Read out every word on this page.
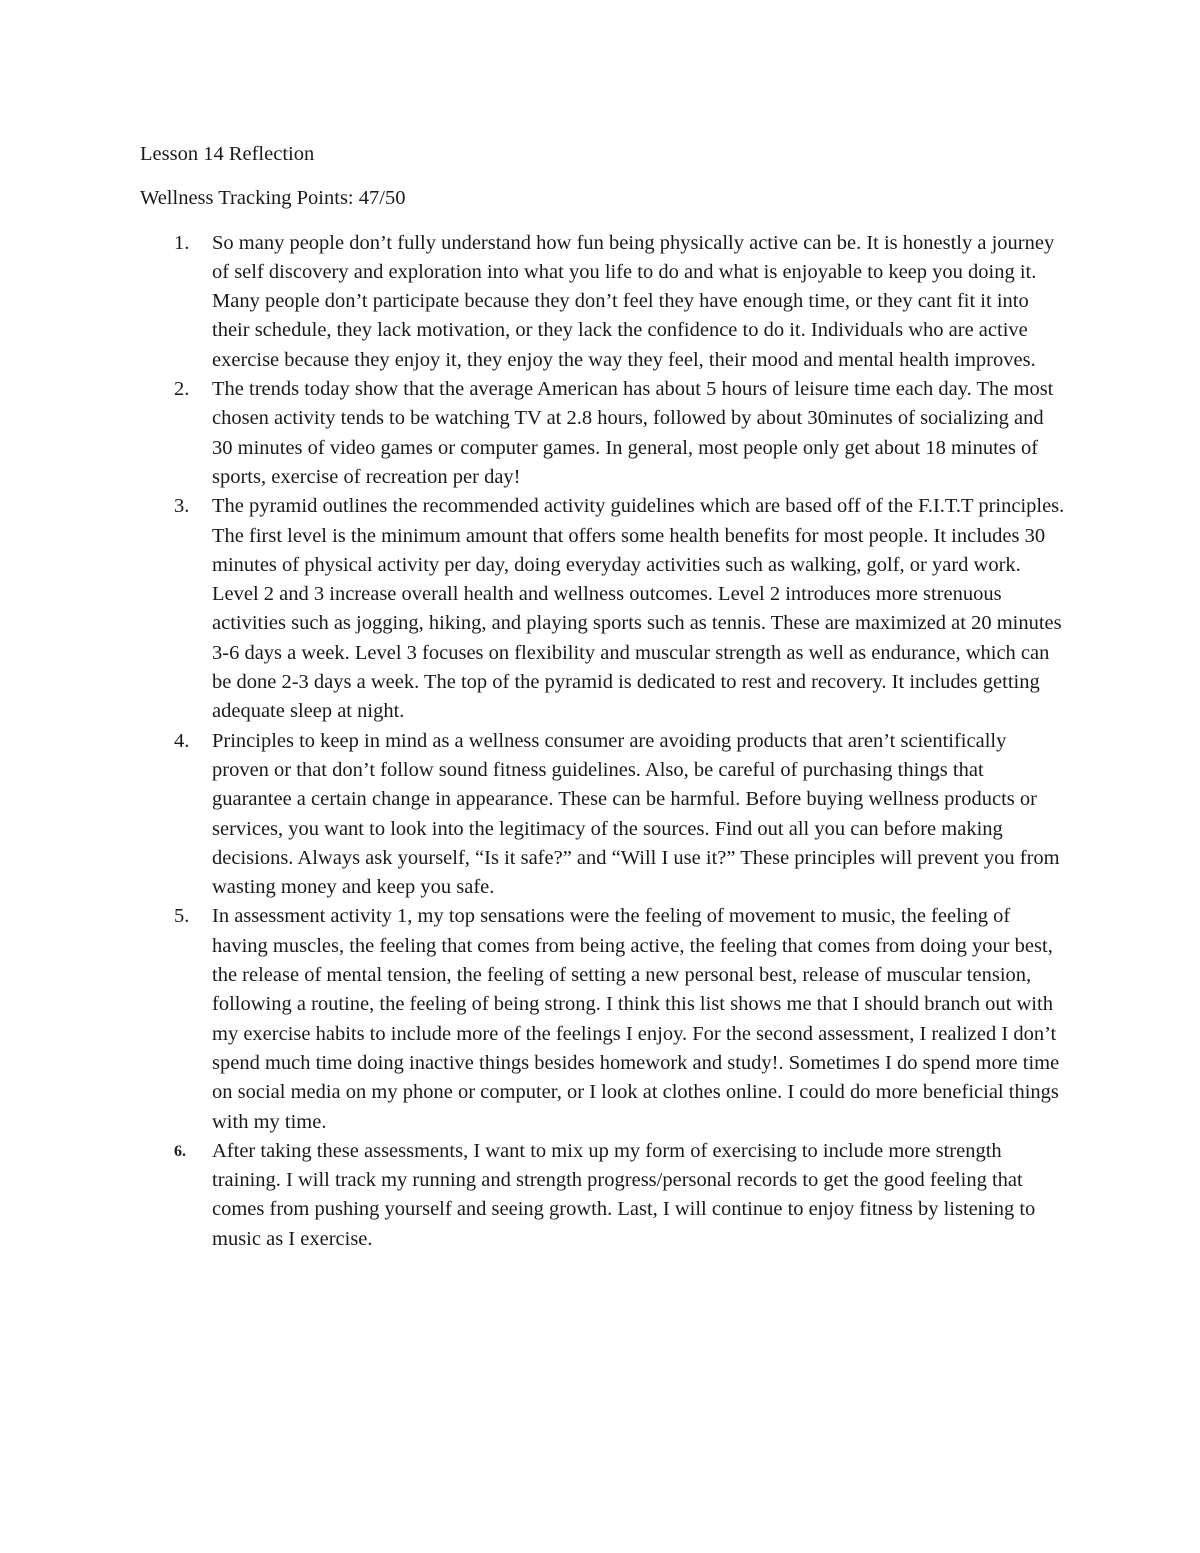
Lesson 14 Reflection

Wellness Tracking Points: 47/50

1. So many people don’t fully understand how fun being physically active can be. It is honestly a journey of self discovery and exploration into what you life to do and what is enjoyable to keep you doing it. Many people don’t participate because they don’t feel they have enough time, or they cant fit it into their schedule, they lack motivation, or they lack the confidence to do it. Individuals who are active exercise because they enjoy it, they enjoy the way they feel, their mood and mental health improves.
2. The trends today show that the average American has about 5 hours of leisure time each day. The most chosen activity tends to be watching TV at 2.8 hours, followed by about 30minutes of socializing and 30 minutes of video games or computer games. In general, most people only get about 18 minutes of sports, exercise of recreation per day!
3. The pyramid outlines the recommended activity guidelines which are based off of the F.I.T.T principles. The first level is the minimum amount that offers some health benefits for most people. It includes 30 minutes of physical activity per day, doing everyday activities such as walking, golf, or yard work. Level 2 and 3 increase overall health and wellness outcomes. Level 2 introduces more strenuous activities such as jogging, hiking, and playing sports such as tennis. These are maximized at 20 minutes 3-6 days a week. Level 3 focuses on flexibility and muscular strength as well as endurance, which can be done 2-3 days a week. The top of the pyramid is dedicated to rest and recovery. It includes getting adequate sleep at night.
4. Principles to keep in mind as a wellness consumer are avoiding products that aren’t scientifically proven or that don’t follow sound fitness guidelines. Also, be careful of purchasing things that guarantee a certain change in appearance. These can be harmful. Before buying wellness products or services, you want to look into the legitimacy of the sources. Find out all you can before making decisions. Always ask yourself, “Is it safe?” and “Will I use it?” These principles will prevent you from wasting money and keep you safe.
5. In assessment activity 1, my top sensations were the feeling of movement to music, the feeling of having muscles, the feeling that comes from being active, the feeling that comes from doing your best, the release of mental tension, the feeling of setting a new personal best, release of muscular tension, following a routine, the feeling of being strong. I think this list shows me that I should branch out with my exercise habits to include more of the feelings I enjoy. For the second assessment, I realized I don’t spend much time doing inactive things besides homework and study!. Sometimes I do spend more time on social media on my phone or computer, or I look at clothes online. I could do more beneficial things with my time.
6. After taking these assessments, I want to mix up my form of exercising to include more strength training. I will track my running and strength progress/personal records to get the good feeling that comes from pushing yourself and seeing growth. Last, I will continue to enjoy fitness by listening to music as I exercise.
